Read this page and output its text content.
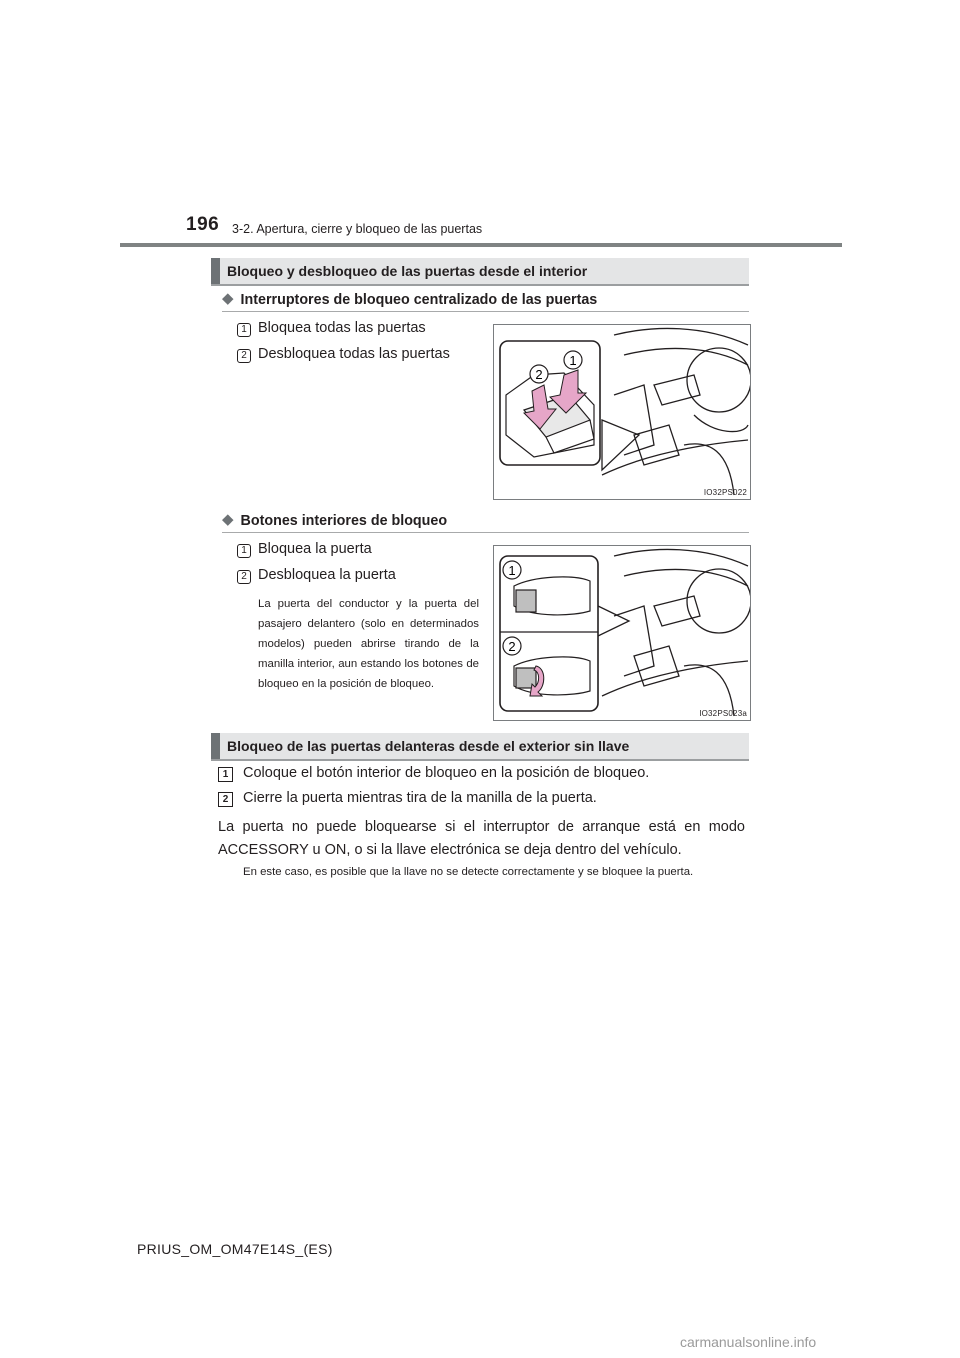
196 3-2. Apertura, cierre y bloqueo de las puertas
Bloqueo y desbloqueo de las puertas desde el interior
◆ Interruptores de bloqueo centralizado de las puertas
1 Bloquea todas las puertas
2 Desbloquea todas las puertas	1
2
IO32PS022
◆ Botones interiores de bloqueo
1 Bloquea la puerta
2 Desbloquea la puerta
La puerta del conductor y la puerta del pasajero delantero (solo en determinados modelos) pueden abrirse tirando de la manilla interior, aun estando los botones de bloqueo en la posición de bloqueo.
1
2
IO32PS023a
Bloqueo de las puertas delanteras desde el exterior sin llave
1	Coloque el botón interior de bloqueo en la posición de bloqueo.
2	Cierre la puerta mientras tira de la manilla de la puerta.
La puerta no puede bloquearse si el interruptor de arranque está en modo ACCESSORY u ON, o si la llave electrónica se deja dentro del vehículo.
En este caso, es posible que la llave no se detecte correctamente y se bloquee la puerta.
PRIUS_OM_OM47E14S_(ES)
carmanualsonline.info
